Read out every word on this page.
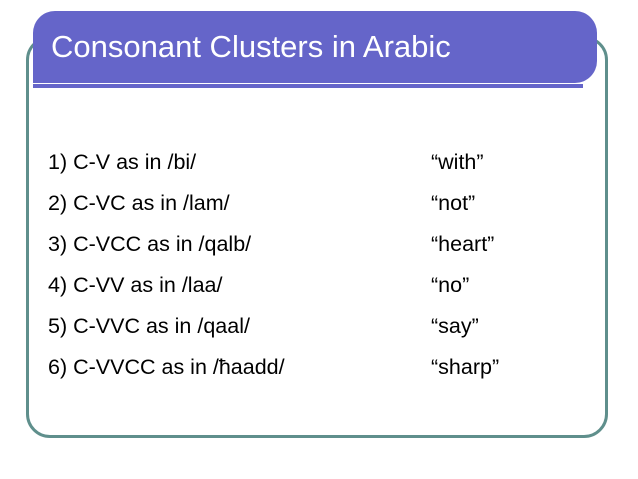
Consonant Clusters in Arabic
1) C-V as in /bi/	“with”
2) C-VC as in /lam/	“not”
3) C-VCC as in /qalb/	“heart”
4) C-VV as in /laa/	“no”
5) C-VVC as in /qaal/	“say”
6) C-VVCC as in /ħaadd/	“sharp”
